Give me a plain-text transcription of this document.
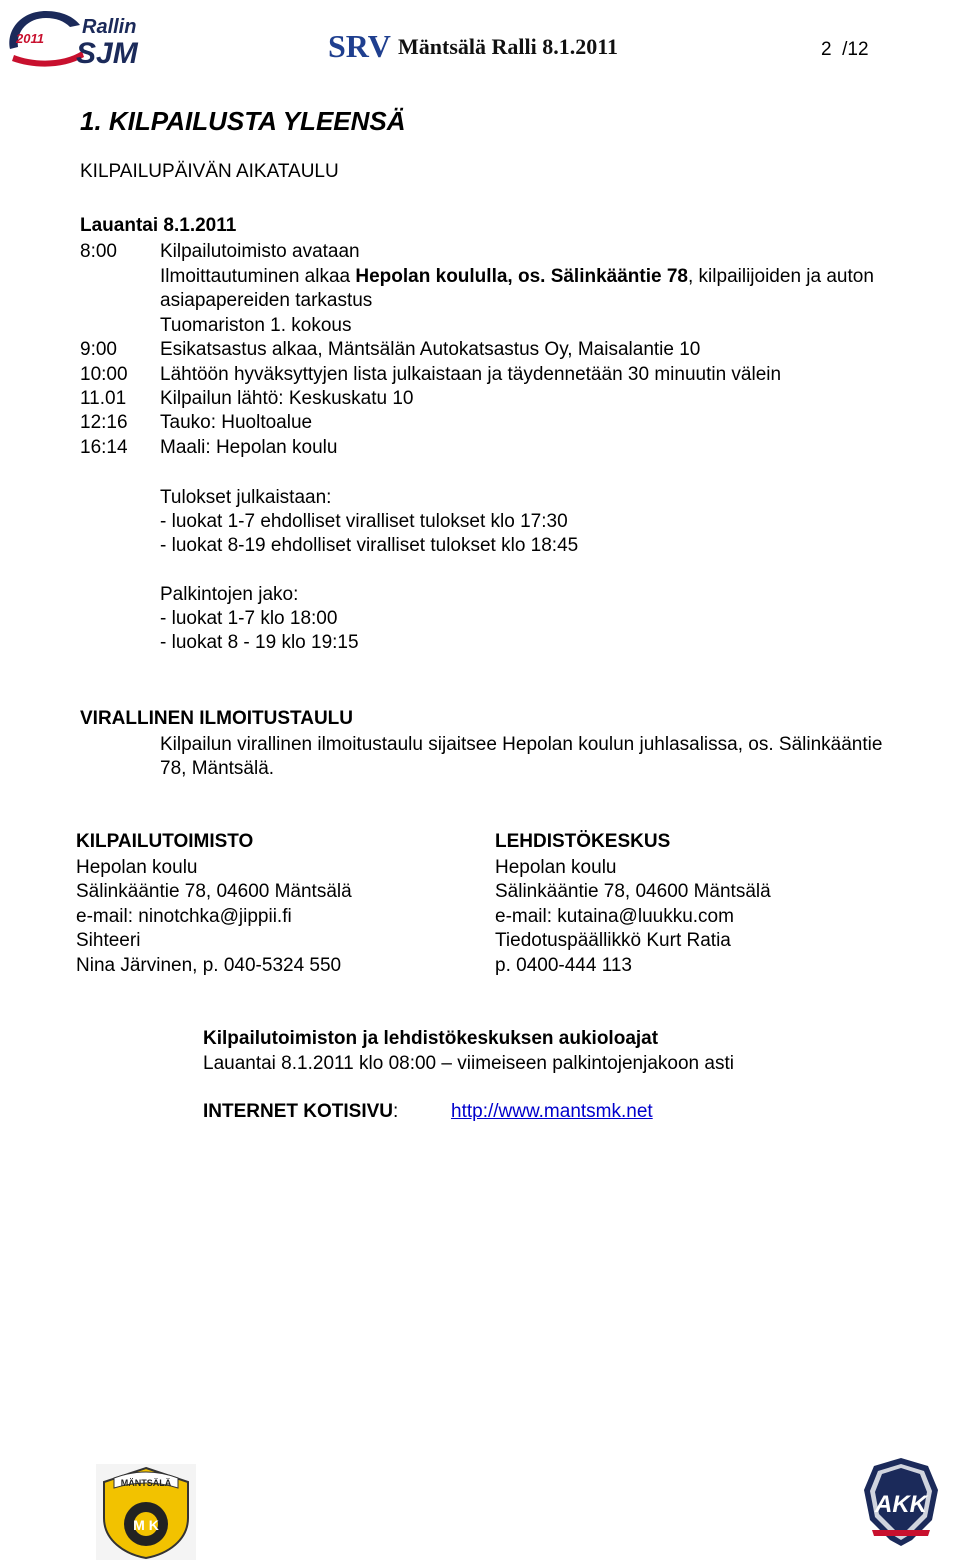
2011
Rallin
SJM	SRV Mäntsälä Ralli 8.1.2011	2 /12
1. KILPAILUSTA YLEENSÄ
KILPAILUPÄIVÄN AIKATAULU
Lauantai 8.1.2011
8:00 Kilpailutoimisto avataan
Ilmoittautuminen alkaa Hepolan koululla, os. Sälinkääntie 78, kilpailijoiden ja auton
asiapapereiden tarkastus
Tuomariston 1. kokous
9:00 Esikatsastus alkaa, Mäntsälän Autokatsastus Oy, Maisalantie 10
10:00 Lähtöön hyväksyttyjen lista julkaistaan ja täydennetään 30 minuutin välein
11.01 Kilpailun lähtö: Keskuskatu 10
12:16 Tauko: Huoltoalue
16:14 Maali: Hepolan koulu
Tulokset julkaistaan:
- luokat 1-7 ehdolliset viralliset tulokset klo 17:30
- luokat 8-19 ehdolliset viralliset tulokset klo 18:45
Palkintojen jako:
- luokat 1-7 klo 18:00
- luokat 8 - 19 klo 19:15
VIRALLINEN ILMOITUSTAULU
Kilpailun virallinen ilmoitustaulu sijaitsee Hepolan koulun juhlasalissa, os. Sälinkääntie
78, Mäntsälä.
KILPAILUTOIMISTO
Hepolan koulu
Sälinkääntie 78, 04600 Mäntsälä
e-mail: ninotchka@jippii.fi
Sihteeri
Nina Järvinen, p. 040-5324 550
LEHDISTÖKESKUS
Hepolan koulu
Sälinkääntie 78, 04600 Mäntsälä
e-mail: kutaina@luukku.com
Tiedotuspäällikkö Kurt Ratia
p. 0400-444 113
Kilpailutoimiston ja lehdistökeskuksen aukioloajat
Lauantai 8.1.2011 klo 08:00 – viimeiseen palkintojenjakoon asti
INTERNET KOTISIVU:	http://www.mantsmk.net
MÄNTSÄLÄ
M K
AKK
